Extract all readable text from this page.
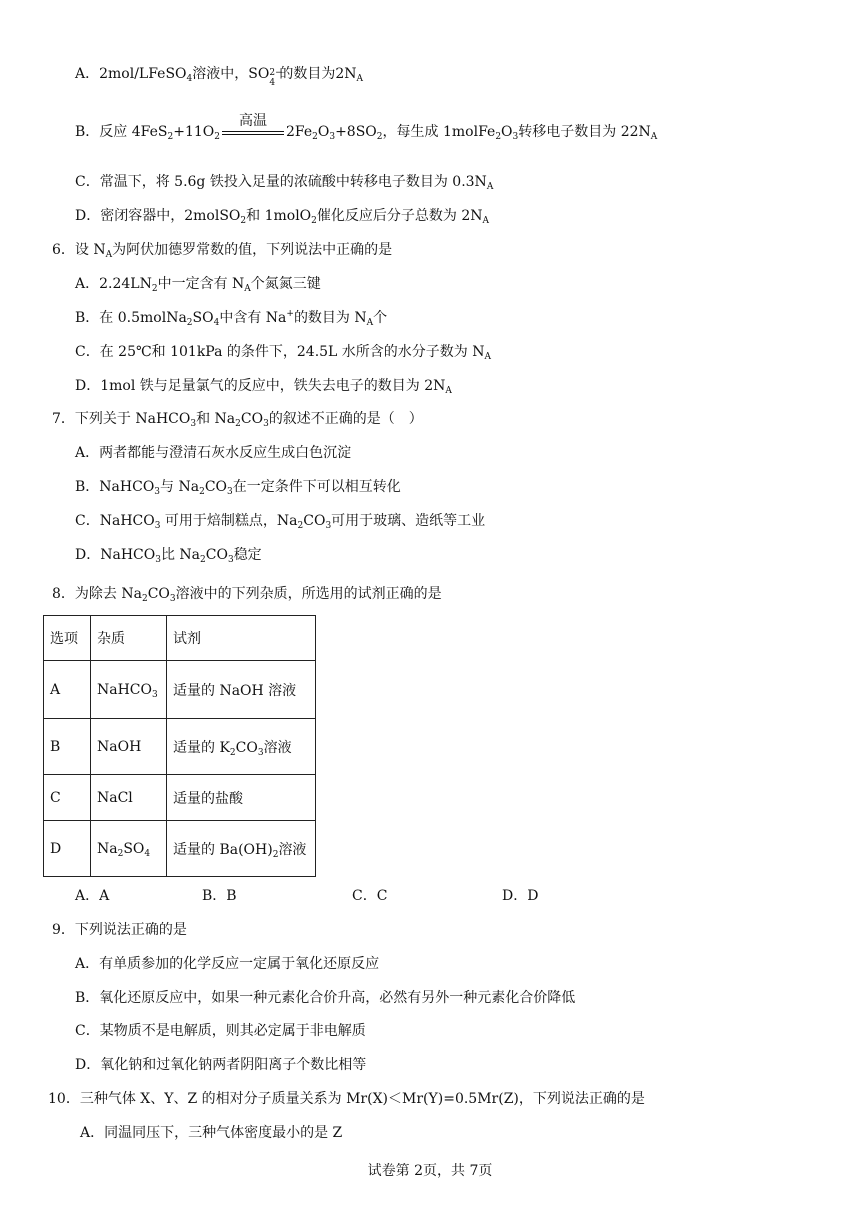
A．2mol/LFeSO$_4$溶液中，SO 2−
4
的数目为$2N_A$
B．反应 $4FeS_2+11O_2$
高温
$2Fe_2O_3+8SO_2$，每生成 $1molFe_2O_3$转移电子数目为 $22N_A$
C．常温下，将 5.6g 铁投入足量的浓硫酸中转移电子数目为 $0.3N_A$
D．密闭容器中，2molSO$_2$和 1molO$_2$催化反应后分子总数为 $2N_A$
6．设 $N_A$为阿伏加德罗常数的值，下列说法中正确的是
A．$2.24LN_2$中一定含有 $N_A$个氮氮三键
B．在 $0.5molNa_2SO_4$中含有 Na+的数目为 $N_A$个
C．在 25℃和 101kPa 的条件下，24.5L 水所含的水分子数为 $N_A$
D．1mol 铁与足量氯气的反应中，铁失去电子的数目为 $2N_A$
7．下列关于 NaHCO$_3$和 $Na_2CO_3$的叙述不正确的是（　）
A．两者都能与澄清石灰水反应生成白色沉淀
B．NaHCO$_3$与 $Na_2CO_3$在一定条件下可以相互转化
C．NaHCO$_3$ 可用于焙制糕点，$Na_2CO_3$可用于玻璃、造纸等工业
D．NaHCO$_3$比 $Na_2CO_3$稳定
8．为除去 $Na_2CO_3$溶液中的下列杂质，所选用的试剂正确的是
选项	杂质	试剂
A	NaHCO$_3$	适量的 NaOH 溶液
B	NaOH	适量的 $K_2CO_3$溶液
C	NaCl	适量的盐酸
D	$Na_2SO_4$	适量的 $Ba(OH)_2$溶液
A．A	B．B	C．C	D．D
9．下列说法正确的是
A．有单质参加的化学反应一定属于氧化还原反应
B．氧化还原反应中，如果一种元素化合价升高，必然有另外一种元素化合价降低
C．某物质不是电解质，则其必定属于非电解质
D．氧化钠和过氧化钠两者阴阳离子个数比相等
10．三种气体 X、Y、Z 的相对分子质量关系为 Mr(X)＜Mr(Y)=0.5Mr(Z)，下列说法正确的是
A．同温同压下，三种气体密度最小的是 Z
试卷第 2页，共 7页
